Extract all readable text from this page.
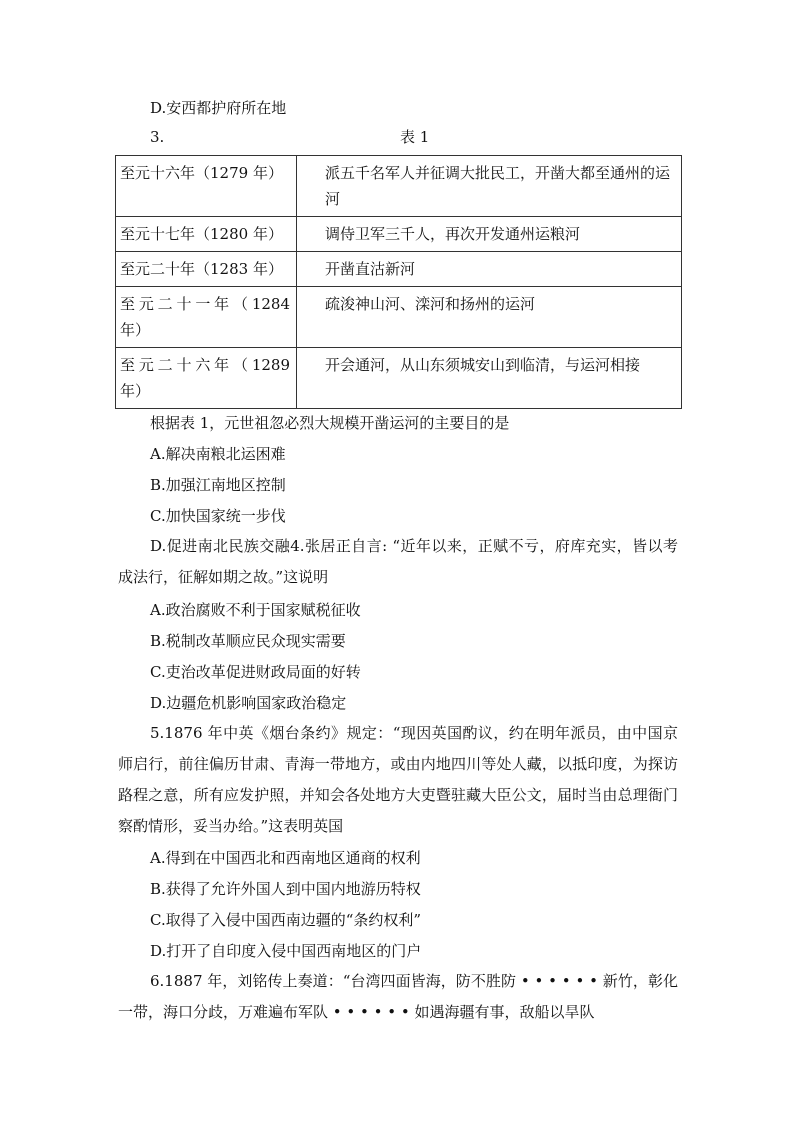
D.安西都护府所在地
3.	表 1
至元十六年（1279 年）	派五千名军人并征调大批民工，开凿大都至通州的运河
至元十七年（1280 年）	调侍卫军三千人，再次开发通州运粮河
至元二十年（1283 年）	开凿直沽新河
至元二十一年（1284 年）	疏浚神山河、滦河和扬州的运河
至元二十六年（1289 年）	开会通河，从山东须城安山到临清，与运河相接
根据表 1，元世祖忽必烈大规模开凿运河的主要目的是
A.解决南粮北运困难
B.加强江南地区控制
C.加快国家统一步伐
D.促进南北民族交融4.张居正自言: “近年以来，正赋不亏，府库充实，皆以考成法行，征解如期之故。”这说明
A.政治腐败不利于国家赋税征收
B.税制改革顺应民众现实需要
C.吏治改革促进财政局面的好转
D.边疆危机影响国家政治稳定
5.1876 年中英《烟台条约》规定：“现因英国酌议，约在明年派员，由中国京师启行，前往偏历甘肃、青海一带地方，或由内地四川等处人藏，以抵印度，为探访路程之意，所有应发护照，并知会各处地方大吏暨驻藏大臣公文，届时当由总理衙门察酌情形，妥当办给。”这表明英国
A.得到在中国西北和西南地区通商的权利
B.获得了允许外国人到中国内地游历特权
C.取得了入侵中国西南边疆的“条约权利”
D.打开了自印度入侵中国西南地区的门户
6.1887 年，刘铭传上奏道：“台湾四面皆海，防不胜防 • • • • • • 新竹，彰化一带，海口分歧，万难遍布军队 • • • • • • 如遇海疆有事，敌船以旱队
